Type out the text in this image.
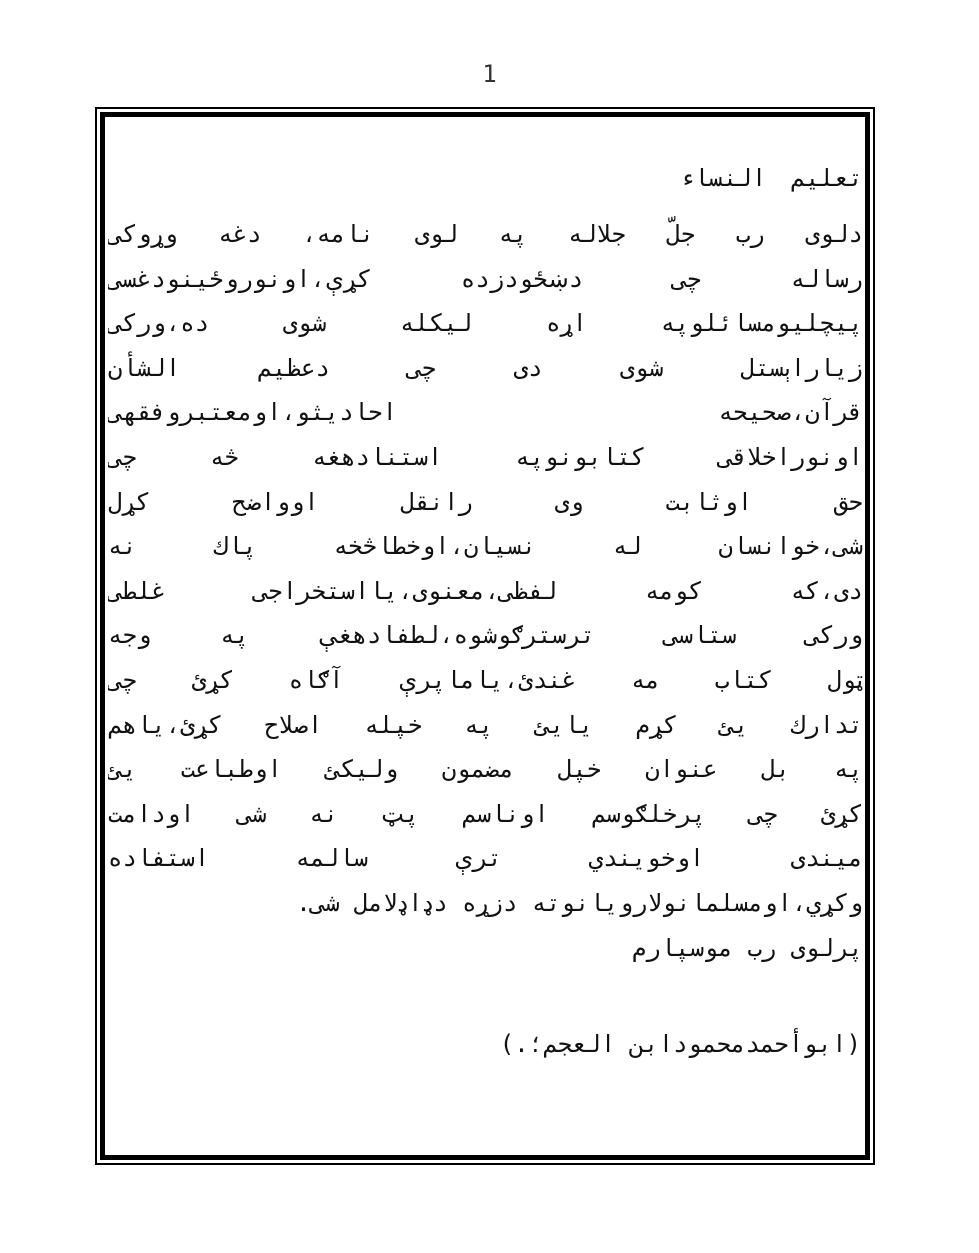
1
تعلیم النساء
دلوی رب جلّ جلاله په لوی نامه، دغه وړوکی
رساله چی دښځودزده کړې،اونوروځینودغسی
پیچلیومسائلوپه اړه لیکله شوی ده،ورکی
زیاراېستل شوی دی چی دعظیم الشأن
قرآن،صحیحه احادیثو،اومعتبروفقهی
اونوراخلاقی کتابونوپه استنادهغه څه چی
حق اوثابت وی رانقل اوواضح کړل
شی،خوانسان له نسیان،اوخطاڅخه پاك نه
دی،که کومه لفظی،معنوی،یااستخراجی غلطی
ورکی ستاسی ترسترګوشوه،لطفادهغې په وجه
ټول کتاب مه غندئ،یاماپرې آګاه کړئ چی
تدارك یئ کړم یایئ په خپله اصلاح کړئ،یاهم
په بل عنوان خپل مضمون ولیکئ اوطباعت یئ
کړئ چی پرخلګوسم اوناسم پټ نه شی اودامت
میندی اوخویندي ترې سالمه استفاده
وکړي،اومسلمانولارویانوته دزړه دډاډلامل شی.
پرلوی رب موسپارم
(ابوأحمدمحمودابن العجم؛.)
